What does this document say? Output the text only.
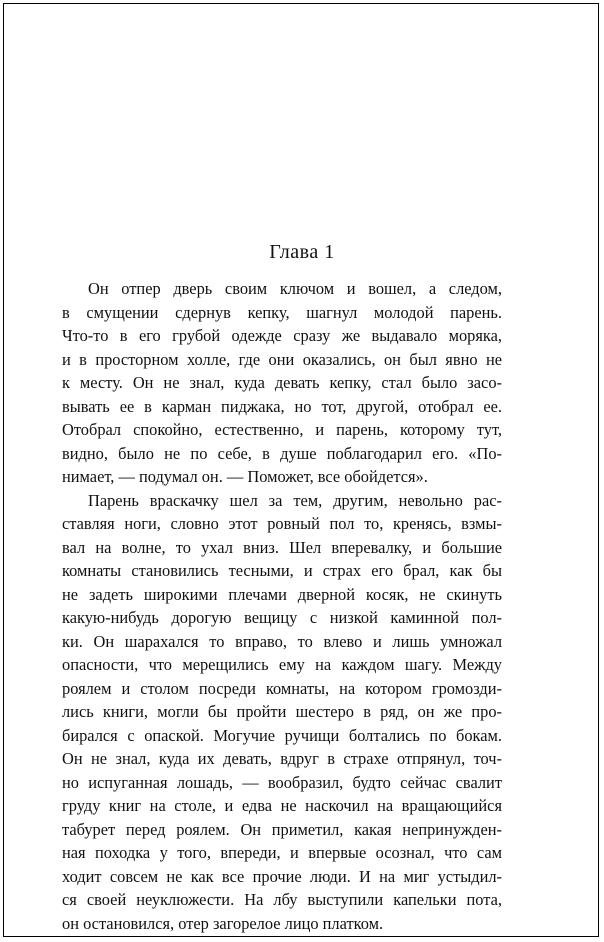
Глава 1
Он отпер дверь своим ключом и вошел, а следом,
в смущении сдернув кепку, шагнул молодой парень.
Что-то в его грубой одежде сразу же выдавало моряка,
и в просторном холле, где они оказались, он был явно не
к месту. Он не знал, куда девать кепку, стал было засо-
вывать ее в карман пиджака, но тот, другой, отобрал ее.
Отобрал спокойно, естественно, и парень, которому тут,
видно, было не по себе, в душе поблагодарил его. «По-
нимает, — подумал он. — Поможет, все обойдется».
Парень враскачку шел за тем, другим, невольно рас-
ставляя ноги, словно этот ровный пол то, кренясь, взмы-
вал на волне, то ухал вниз. Шел вперевалку, и большие
комнаты становились тесными, и страх его брал, как бы
не задеть широкими плечами дверной косяк, не скинуть
какую-нибудь дорогую вещицу с низкой каминной пол-
ки. Он шарахался то вправо, то влево и лишь умножал
опасности, что мерещились ему на каждом шагу. Между
роялем и столом посреди комнаты, на котором громозди-
лись книги, могли бы пройти шестеро в ряд, он же про-
бирался с опаской. Могучие ручищи болтались по бокам.
Он не знал, куда их девать, вдруг в страхе отпрянул, точ-
но испуганная лошадь, — вообразил, будто сейчас свалит
груду книг на столе, и едва не наскочил на вращающийся
табурет перед роялем. Он приметил, какая непринужден-
ная походка у того, впереди, и впервые осознал, что сам
ходит совсем не как все прочие люди. И на миг устыдил-
ся своей неуклюжести. На лбу выступили капельки пота,
он остановился, отер загорелое лицо платком.
